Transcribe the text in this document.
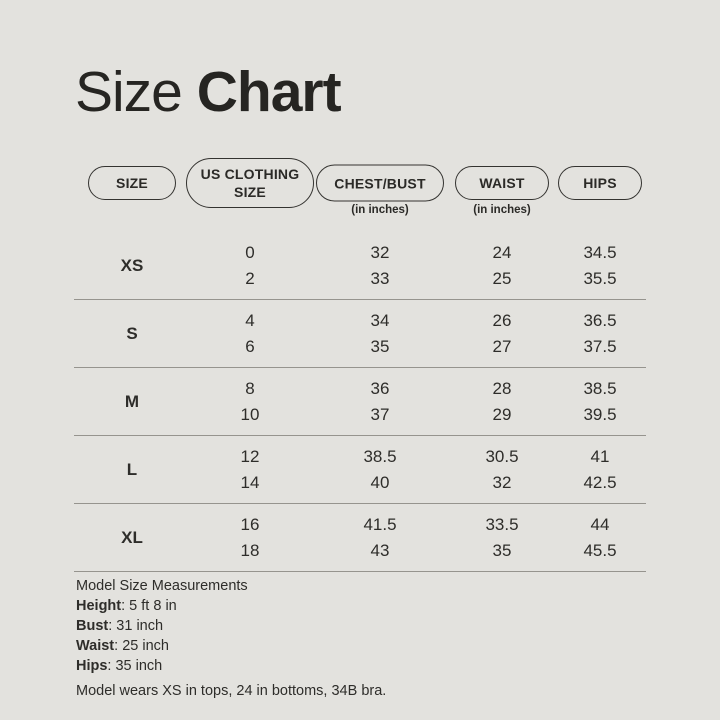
Size Chart
SIZE
US CLOTHING SIZE
CHEST/BUST
(in inches)
WAIST
(in inches)
HIPS
XS
0
2
32
33
24
25
34.5
35.5
S
4
6
34
35
26
27
36.5
37.5
M
8
10
36
37
28
29
38.5
39.5
L
12
14
38.5
40
30.5
32
41
42.5
XL
16
18
41.5
43
33.5
35
44
45.5
Model Size Measurements
Height: 5 ft 8 in
Bust: 31 inch
Waist: 25 inch
Hips: 35 inch
Model wears XS in tops, 24 in bottoms, 34B bra.
